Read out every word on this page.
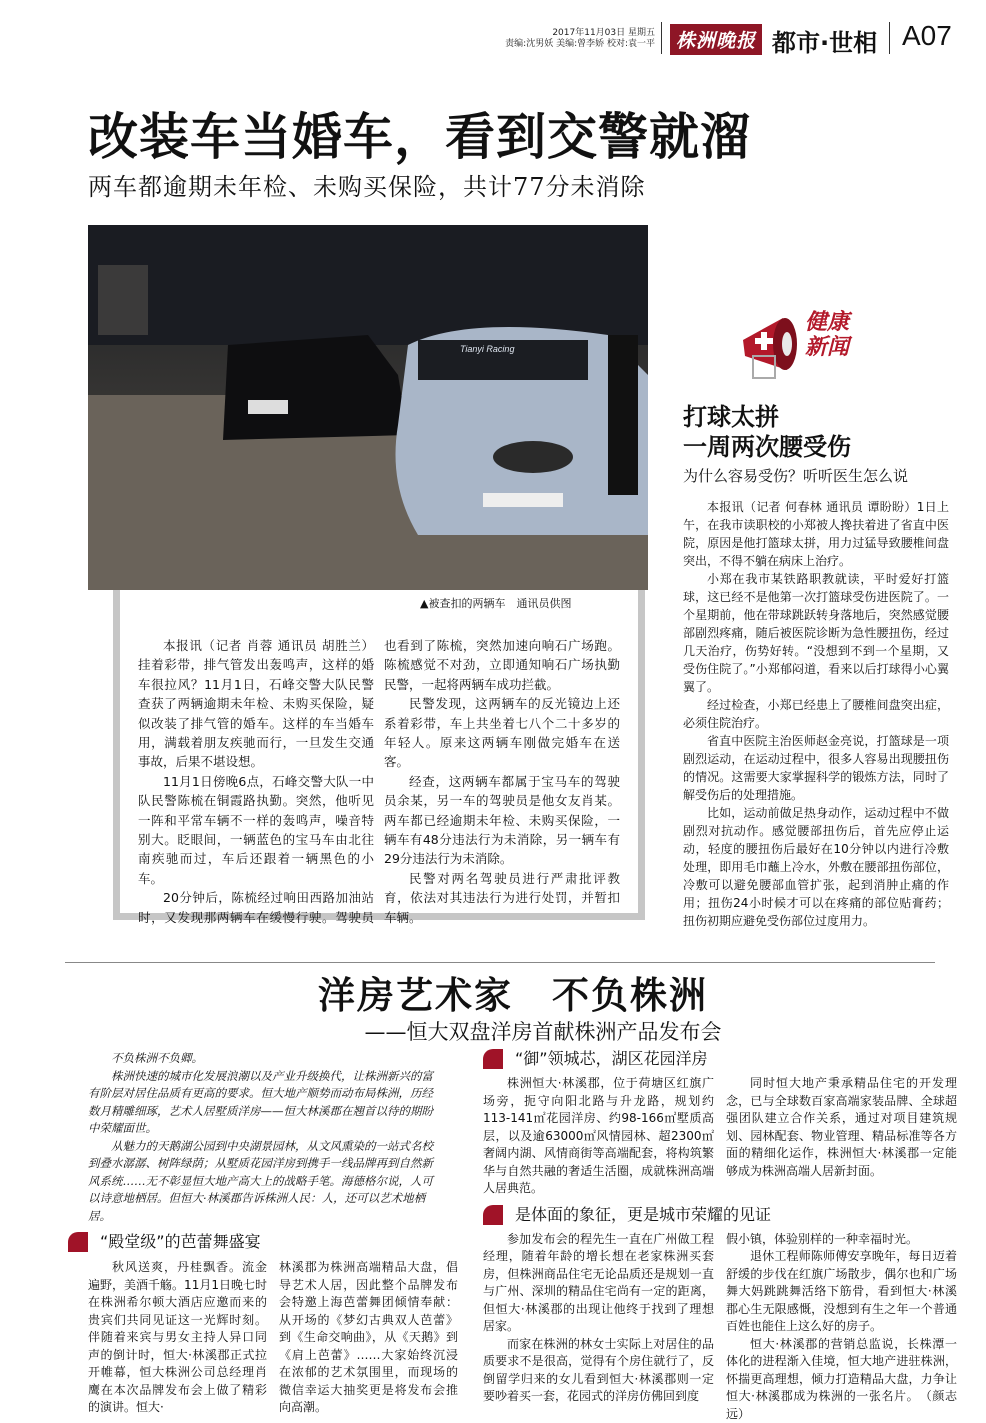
2017年11月03日 星期五
责编:沈男妖 美编:曾李娇 校对:袁一平	株洲晚报 都市·世相 A07
改装车当婚车，看到交警就溜
两车都逾期未年检、未购买保险，共计77分未消除
Tianyi Racing
▲被查扣的两辆车　通讯员供图

本报讯（记者 肖蓉 通讯员 胡胜兰）挂着彩带，排气管发出轰鸣声，这样的婚车很拉风？11月1日，石峰交警大队民警查获了两辆逾期未年检、未购买保险，疑似改装了排气管的婚车。这样的车当婚车用，满载着朋友疾驰而行，一旦发生交通事故，后果不堪设想。

11月1日傍晚6点，石峰交警大队一中队民警陈梳在铜霞路执勤。突然，他听见一阵和平常车辆不一样的轰鸣声，噪音特别大。眨眼间，一辆蓝色的宝马车由北往南疾驰而过，车后还跟着一辆黑色的小车。

20分钟后，陈梳经过响田西路加油站时，又发现那两辆车在缓慢行驶。驾驶员也看到了陈梳，突然加速向响石广场跑。陈梳感觉不对劲，立即通知响石广场执勤民警，一起将两辆车成功拦截。

民警发现，这两辆车的反光镜边上还系着彩带，车上共坐着七八个二十多岁的年轻人。原来这两辆车刚做完婚车在送客。

经查，这两辆车都属于宝马车的驾驶员余某，另一车的驾驶员是他女友肖某。两车都已经逾期未年检、未购买保险，一辆车有48分违法行为未消除，另一辆车有29分违法行为未消除。

民警对两名驾驶员进行严肃批评教育，依法对其违法行为进行处罚，并暂扣车辆。

健康新闻
打球太拼
一周两次腰受伤
为什么容易受伤？听听医生怎么说

本报讯（记者 何春林 通讯员 谭盼盼）1日上午，在我市读职校的小郑被人搀扶着进了省直中医院，原因是他打篮球太拼，用力过猛导致腰椎间盘突出，不得不躺在病床上治疗。

小郑在我市某铁路职教就读，平时爱好打篮球，这已经不是他第一次打篮球受伤进医院了。一个星期前，他在带球跳跃转身落地后，突然感觉腰部剧烈疼痛，随后被医院诊断为急性腰扭伤，经过几天治疗，伤势好转。“没想到不到一个星期，又受伤住院了。”小郑郁闷道，看来以后打球得小心翼翼了。

经过检查，小郑已经患上了腰椎间盘突出症，必须住院治疗。

省直中医院主治医师赵金亮说，打篮球是一项剧烈运动，在运动过程中，很多人容易出现腰扭伤的情况。这需要大家掌握科学的锻炼方法，同时了解受伤后的处理措施。

比如，运动前做足热身动作，运动过程中不做剧烈对抗动作。感觉腰部扭伤后，首先应停止运动，轻度的腰扭伤后最好在10分钟以内进行冷敷处理，即用毛巾蘸上冷水，外敷在腰部扭伤部位，冷敷可以避免腰部血管扩张，起到消肿止痛的作用；扭伤24小时候才可以在疼痛的部位贴膏药；扭伤初期应避免受伤部位过度用力。

洋房艺术家　不负株洲
——恒大双盘洋房首献株洲产品发布会

不负株洲不负卿。

株洲快速的城市化发展浪潮以及产业升级换代，让株洲新兴的富有阶层对居住品质有更高的要求。恒大地产顺势而动布局株洲，历经数月精雕细琢，艺术人居墅质洋房——恒大林溪郡在翘首以待的期盼中荣耀面世。

从魅力的天鹅湖公园到中央湖景园林，从文风熏染的一站式名校到叠水潺潺、树阵绿荫；从墅质花园洋房到携手一线品牌再到自然新风系统……无不彰显恒大地产高大上的战略手笔。海德格尔说，人可以诗意地栖居。但恒大·林溪郡告诉株洲人民：人，还可以艺术地栖居。

“殿堂级”的芭蕾舞盛宴

秋风送爽，丹桂飘香。流金遍野，美酒千觞。11月1日晚七时在株洲希尔顿大酒店应邀而来的贵宾们共同见证这一光辉时刻。伴随着来宾与男女主持人异口同声的倒计时，恒大·林溪郡正式拉开帷幕，恒大株洲公司总经理肖鹰在本次品牌发布会上做了精彩的演讲。恒大·

林溪郡为株洲高端精品大盘，倡导艺术人居，因此整个品牌发布会特邀上海芭蕾舞团倾情奉献：从开场的《梦幻古典双人芭蕾》到《生命交响曲》，从《天鹅》到《肩上芭蕾》……大家始终沉浸在浓郁的艺术氛围里，而现场的微信幸运大抽奖更是将发布会推向高潮。

“御”领城芯，湖区花园洋房

株洲恒大·林溪郡，位于荷塘区红旗广场旁，扼守向阳北路与升龙路，规划约113-141㎡花园洋房、约98-166㎡墅质高层，以及逾63000㎡风情园林、超2300㎡奢阔内湖、风情商街等高端配套，将构筑繁华与自然共融的奢适生活圈，成就株洲高端人居典范。

同时恒大地产秉承精品住宅的开发理念，已与全球数百家高端家装品牌、全球超强团队建立合作关系，通过对项目建筑规划、园林配套、物业管理、精品标准等各方面的精细化运作，株洲恒大·林溪郡一定能够成为株洲高端人居新封面。

是体面的象征，更是城市荣耀的见证

参加发布会的程先生一直在广州做工程经理，随着年龄的增长想在老家株洲买套房，但株洲商品住宅无论品质还是规划一直与广州、深圳的精品住宅尚有一定的距离，但恒大·林溪郡的出现让他终于找到了理想居家。

而家在株洲的林女士实际上对居住的品质要求不是很高，觉得有个房住就行了，反倒留学归来的女儿看到恒大·林溪郡则一定要吵着买一套，花园式的洋房仿佛回到度

假小镇，体验别样的一种幸福时光。

退休工程师陈师傅安享晚年，每日迈着舒缓的步伐在红旗广场散步，偶尔也和广场舞大妈跳跳舞活络下筋骨，看到恒大·林溪郡心生无限感慨，没想到有生之年一个普通百姓也能住上这么好的房子。

恒大·林溪郡的营销总监说，长株潭一体化的进程渐入佳境，恒大地产进驻株洲，怀揣更高理想，倾力打造精品大盘，力争让恒大·林溪郡成为株洲的一张名片。　（颜志远）
